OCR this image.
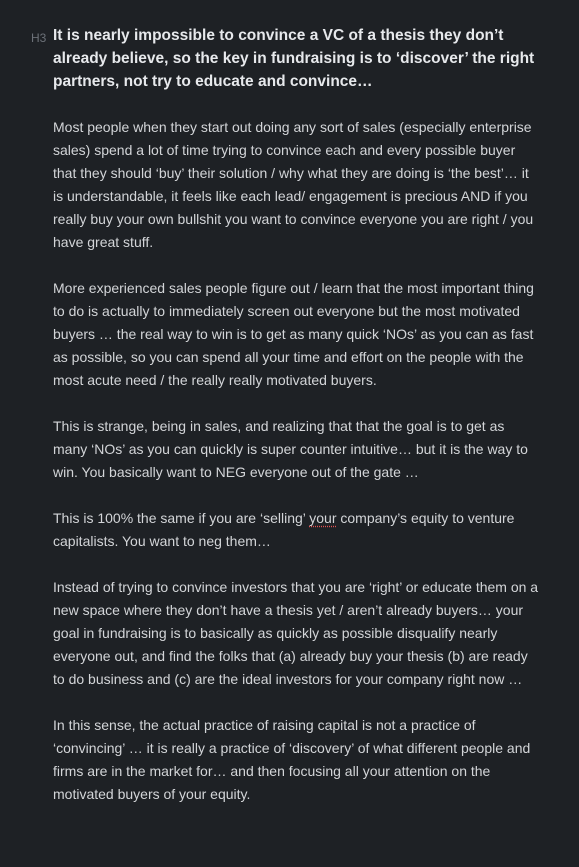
H3 It is nearly impossible to convince a VC of a thesis they don’t already believe, so the key in fundraising is to ‘discover’ the right partners, not try to educate and convince…

Most people when they start out doing any sort of sales (especially enterprise sales) spend a lot of time trying to convince each and every possible buyer that they should ‘buy’ their solution / why what they are doing is ‘the best’… it is understandable, it feels like each lead/ engagement is precious AND if you really buy your own bullshit you want to convince everyone you are right / you have great stuff.

More experienced sales people figure out / learn that the most important thing to do is actually to immediately screen out everyone but the most motivated buyers … the real way to win is to get as many quick ‘NOs’ as you can as fast as possible, so you can spend all your time and effort on the people with the most acute need / the really really motivated buyers.

This is strange, being in sales, and realizing that that the goal is to get as many ‘NOs’ as you can quickly is super counter intuitive… but it is the way to win. You basically want to NEG everyone out of the gate …

This is 100% the same if you are ‘selling’ your company’s equity to venture capitalists. You want to neg them…

Instead of trying to convince investors that you are ‘right’ or educate them on a new space where they don’t have a thesis yet / aren’t already buyers… your goal in fundraising is to basically as quickly as possible disqualify nearly everyone out, and find the folks that (a) already buy your thesis (b) are ready to do business and (c) are the ideal investors for your company right now …

In this sense, the actual practice of raising capital is not a practice of ‘convincing’ … it is really a practice of ‘discovery’ of what different people and firms are in the market for… and then focusing all your attention on the motivated buyers of your equity.
